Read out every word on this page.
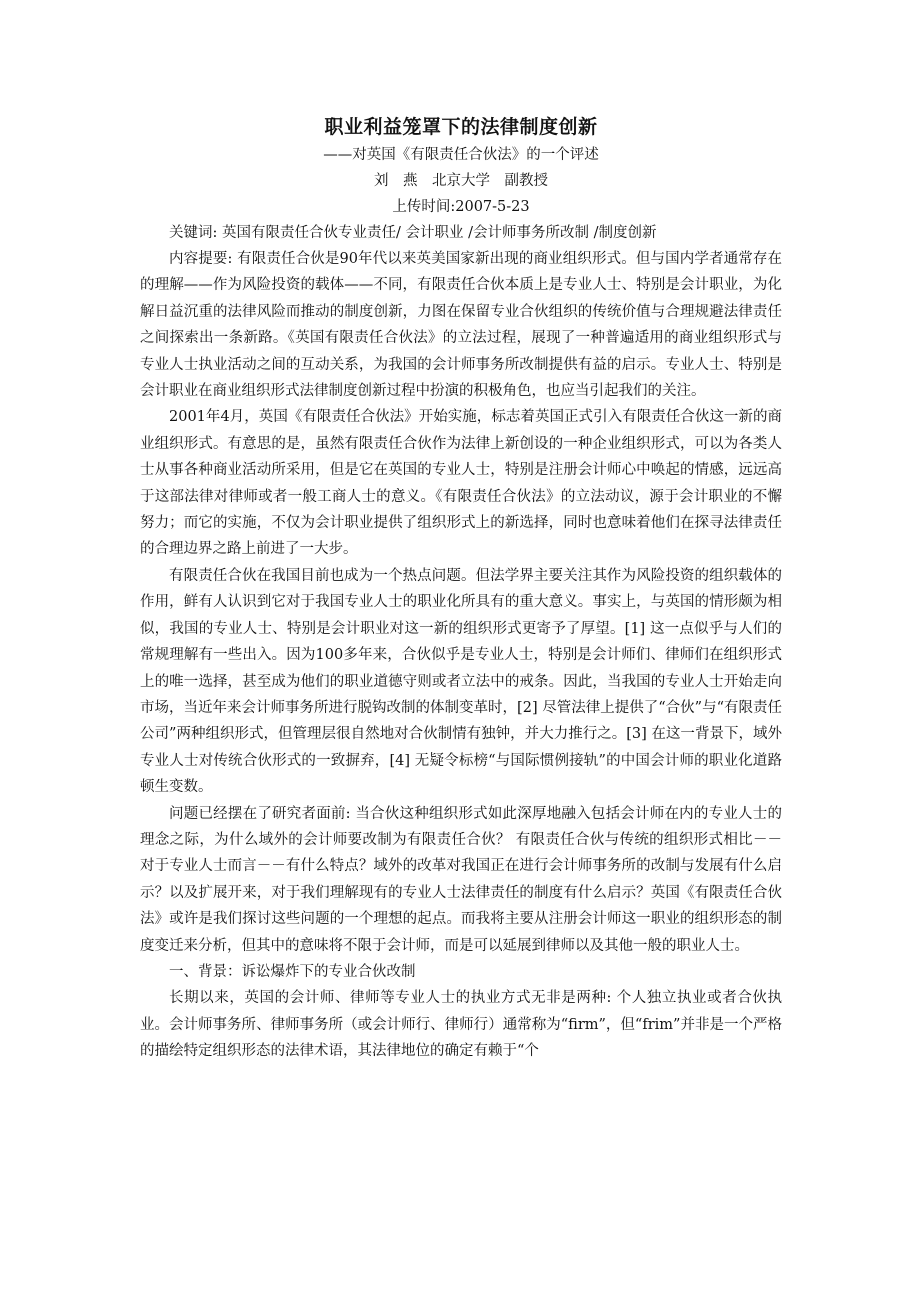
职业利益笼罩下的法律制度创新

——对英国《有限责任合伙法》的一个评述

刘　燕　北京大学　副教授

上传时间:2007-5-23

关键词: 英国有限责任合伙专业责任/ 会计职业 /会计师事务所改制 /制度创新

内容提要: 有限责任合伙是90年代以来英美国家新出现的商业组织形式。但与国内学者通常存在的理解——作为风险投资的载体——不同，有限责任合伙本质上是专业人士、特别是会计职业，为化解日益沉重的法律风险而推动的制度创新，力图在保留专业合伙组织的传统价值与合理规避法律责任之间探索出一条新路。《英国有限责任合伙法》的立法过程，展现了一种普遍适用的商业组织形式与专业人士执业活动之间的互动关系，为我国的会计师事务所改制提供有益的启示。专业人士、特别是会计职业在商业组织形式法律制度创新过程中扮演的积极角色，也应当引起我们的关注。

2001年4月，英国《有限责任合伙法》开始实施，标志着英国正式引入有限责任合伙这一新的商业组织形式。有意思的是，虽然有限责任合伙作为法律上新创设的一种企业组织形式，可以为各类人士从事各种商业活动所采用，但是它在英国的专业人士，特别是注册会计师心中唤起的情感，远远高于这部法律对律师或者一般工商人士的意义。《有限责任合伙法》的立法动议，源于会计职业的不懈努力；而它的实施，不仅为会计职业提供了组织形式上的新选择，同时也意味着他们在探寻法律责任的合理边界之路上前进了一大步。

有限责任合伙在我国目前也成为一个热点问题。但法学界主要关注其作为风险投资的组织载体的作用，鲜有人认识到它对于我国专业人士的职业化所具有的重大意义。事实上，与英国的情形颇为相似，我国的专业人士、特别是会计职业对这一新的组织形式更寄予了厚望。[1] 这一点似乎与人们的常规理解有一些出入。因为100多年来，合伙似乎是专业人士，特别是会计师们、律师们在组织形式上的唯一选择，甚至成为他们的职业道德守则或者立法中的戒条。因此，当我国的专业人士开始走向市场，当近年来会计师事务所进行脱钩改制的体制变革时，[2] 尽管法律上提供了“合伙”与“有限责任公司”两种组织形式，但管理层很自然地对合伙制情有独钟，并大力推行之。[3] 在这一背景下，域外专业人士对传统合伙形式的一致摒弃，[4] 无疑令标榜“与国际惯例接轨”的中国会计师的职业化道路顿生变数。

问题已经摆在了研究者面前: 当合伙这种组织形式如此深厚地融入包括会计师在内的专业人士的理念之际，为什么域外的会计师要改制为有限责任合伙？ 有限责任合伙与传统的组织形式相比－－对于专业人士而言－－有什么特点？域外的改革对我国正在进行会计师事务所的改制与发展有什么启示？以及扩展开来，对于我们理解现有的专业人士法律责任的制度有什么启示？英国《有限责任合伙法》或许是我们探讨这些问题的一个理想的起点。而我将主要从注册会计师这一职业的组织形态的制度变迁来分析，但其中的意味将不限于会计师，而是可以延展到律师以及其他一般的职业人士。

一、背景：诉讼爆炸下的专业合伙改制

长期以来，英国的会计师、律师等专业人士的执业方式无非是两种: 个人独立执业或者合伙执业。会计师事务所、律师事务所（或会计师行、律师行）通常称为“firm”，但“frim”并非是一个严格的描绘特定组织形态的法律术语，其法律地位的确定有赖于“个
